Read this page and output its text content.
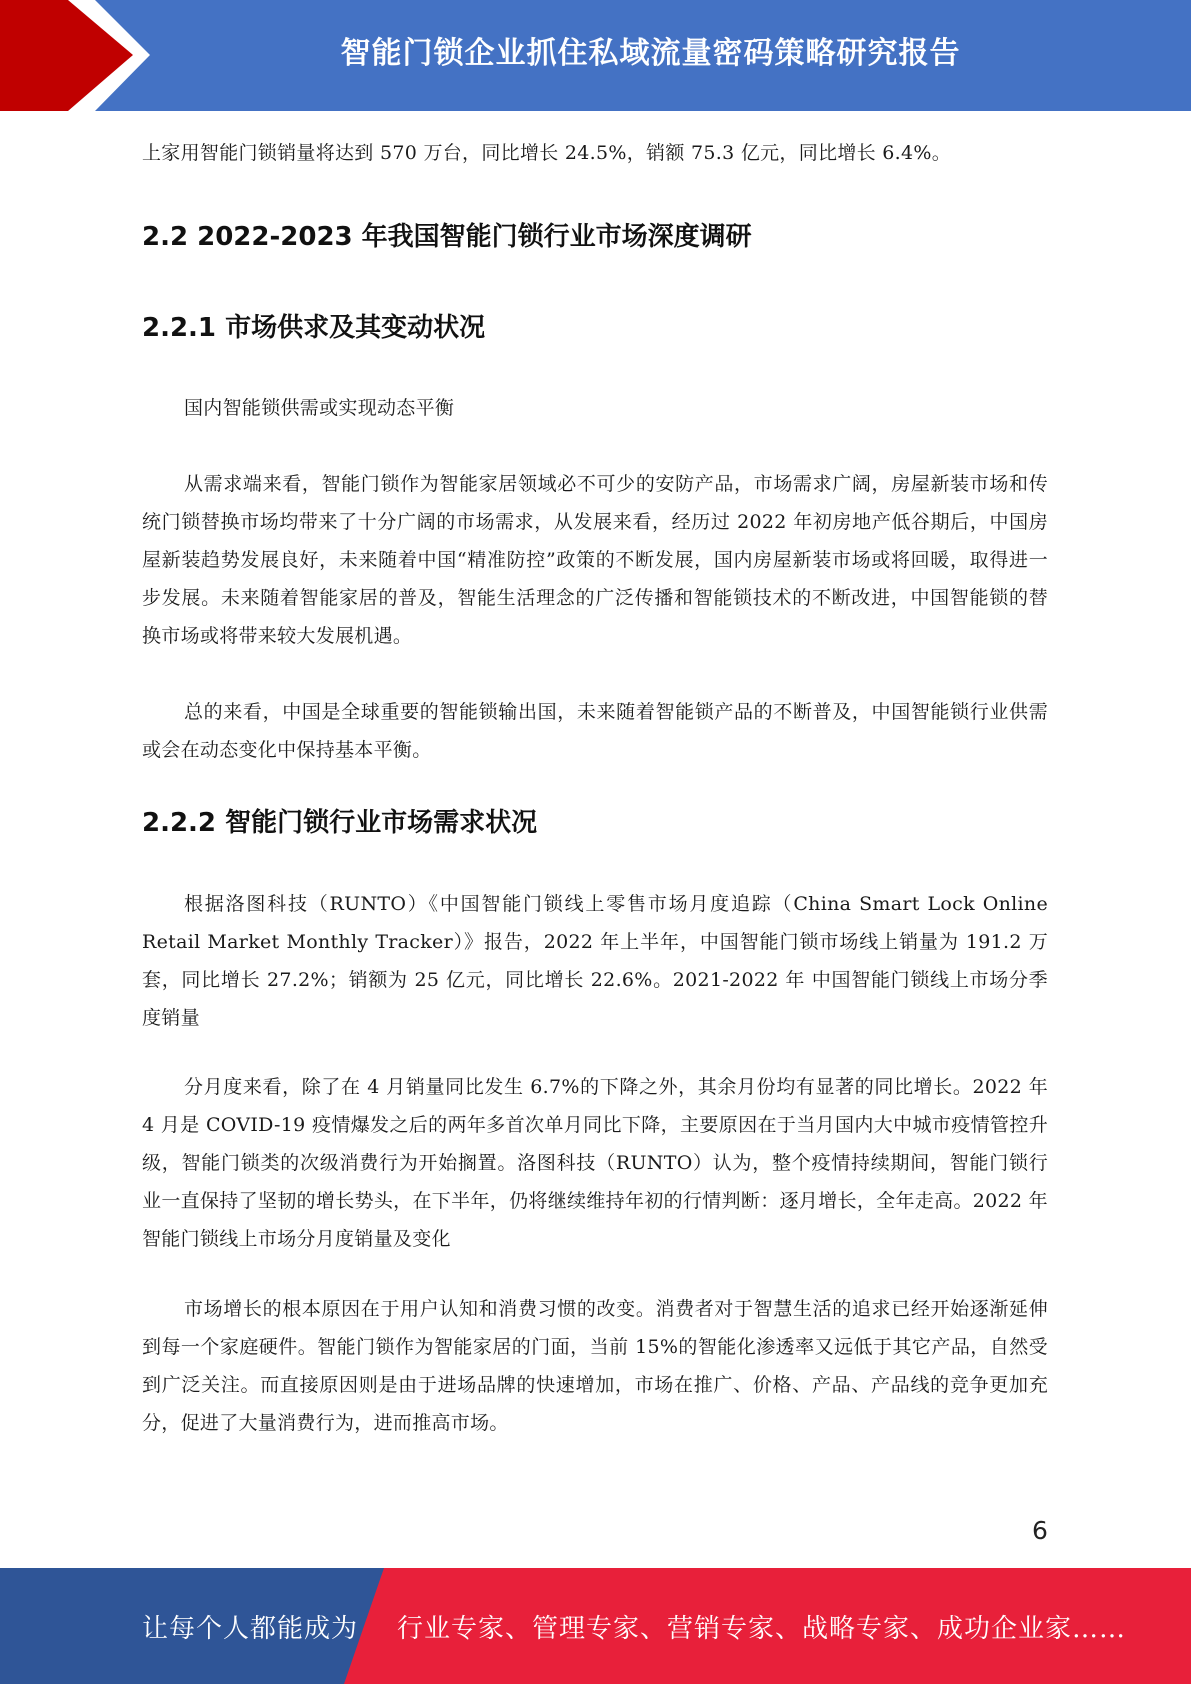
智能门锁企业抓住私域流量密码策略研究报告

上家用智能门锁销量将达到 570 万台，同比增长 24.5%，销额 75.3 亿元，同比增长 6.4%。

2.2 2022-2023 年我国智能门锁行业市场深度调研
2.2.1 市场供求及其变动状况

国内智能锁供需或实现动态平衡

从需求端来看，智能门锁作为智能家居领域必不可少的安防产品，市场需求广阔，房屋新装市场和传统门锁替换市场均带来了十分广阔的市场需求，从发展来看，经历过 2022 年初房地产低谷期后，中国房屋新装趋势发展良好，未来随着中国“精准防控”政策的不断发展，国内房屋新装市场或将回暖，取得进一步发展。未来随着智能家居的普及，智能生活理念的广泛传播和智能锁技术的不断改进，中国智能锁的替换市场或将带来较大发展机遇。

总的来看，中国是全球重要的智能锁输出国，未来随着智能锁产品的不断普及，中国智能锁行业供需或会在动态变化中保持基本平衡。

2.2.2 智能门锁行业市场需求状况

根据洛图科技（RUNTO）《中国智能门锁线上零售市场月度追踪（China Smart Lock Online Retail Market Monthly Tracker）》报告，2022 年上半年，中国智能门锁市场线上销量为 191.2 万套，同比增长 27.2%；销额为 25 亿元，同比增长 22.6%。2021-2022 年 中国智能门锁线上市场分季度销量

分月度来看，除了在 4 月销量同比发生 6.7%的下降之外，其余月份均有显著的同比增长。2022 年 4 月是 COVID-19 疫情爆发之后的两年多首次单月同比下降，主要原因在于当月国内大中城市疫情管控升级，智能门锁类的次级消费行为开始搁置。洛图科技（RUNTO）认为，整个疫情持续期间，智能门锁行业一直保持了坚韧的增长势头，在下半年，仍将继续维持年初的行情判断：逐月增长，全年走高。2022 年智能门锁线上市场分月度销量及变化

市场增长的根本原因在于用户认知和消费习惯的改变。消费者对于智慧生活的追求已经开始逐渐延伸到每一个家庭硬件。智能门锁作为智能家居的门面，当前 15%的智能化渗透率又远低于其它产品，自然受到广泛关注。而直接原因则是由于进场品牌的快速增加，市场在推广、价格、产品、产品线的竞争更加充分，促进了大量消费行为，进而推高市场。

6
让每个人都能成为 行业专家、管理专家、营销专家、战略专家、成功企业家……
